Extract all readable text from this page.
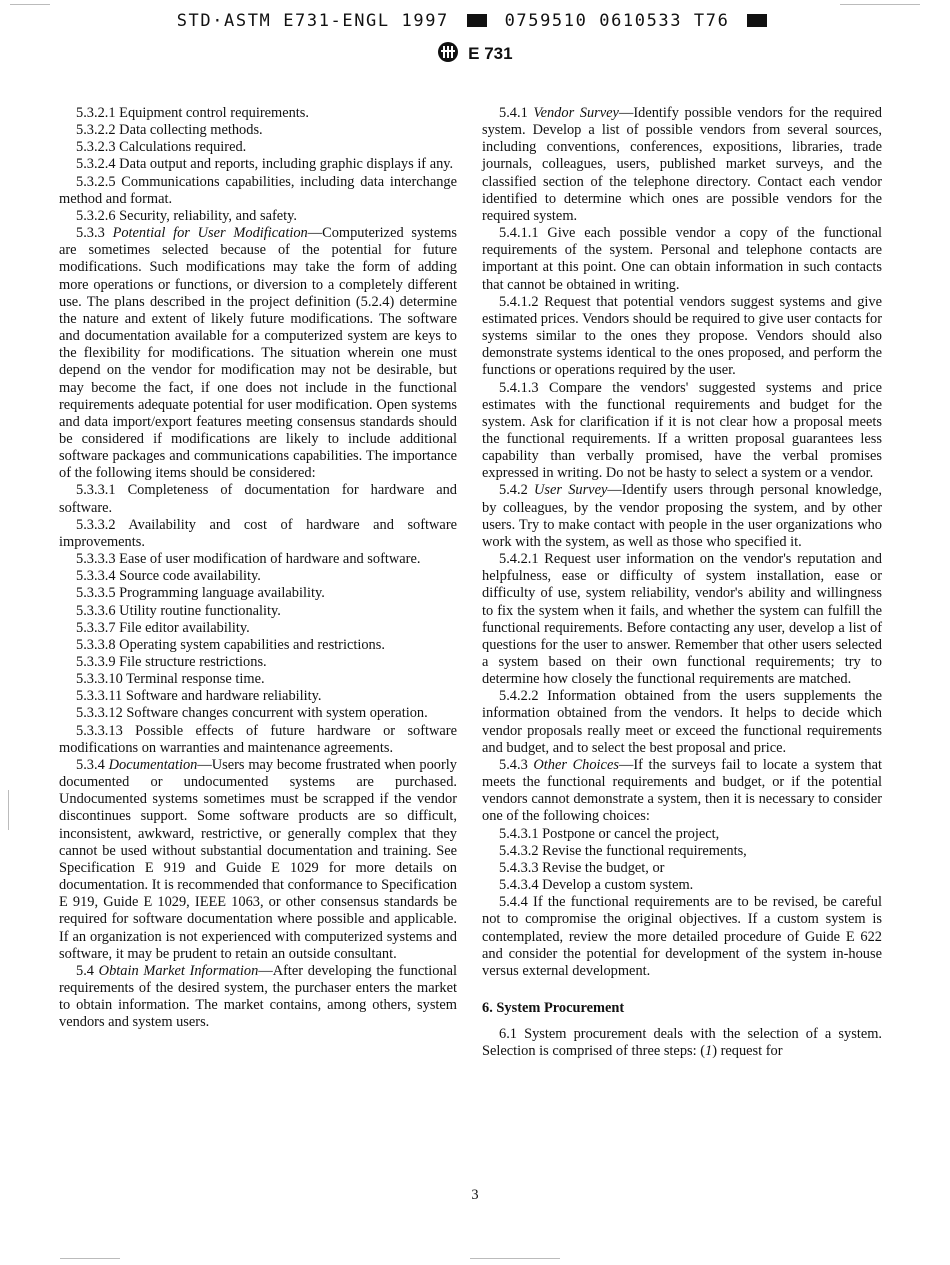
STD·ASTM E731-ENGL 1997	0759510 0610533 T76
E 731

5.3.2.1 Equipment control requirements.

5.3.2.2 Data collecting methods.

5.3.2.3 Calculations required.

5.3.2.4 Data output and reports, including graphic displays if any.

5.3.2.5 Communications capabilities, including data interchange method and format.

5.3.2.6 Security, reliability, and safety.

5.3.3 Potential for User Modification—Computerized systems are sometimes selected because of the potential for future modifications. Such modifications may take the form of adding more operations or functions, or diversion to a completely different use. The plans described in the project definition (5.2.4) determine the nature and extent of likely future modifications. The software and documentation available for a computerized system are keys to the flexibility for modifications. The situation wherein one must depend on the vendor for modification may not be desirable, but may become the fact, if one does not include in the functional requirements adequate potential for user modification. Open systems and data import/export features meeting consensus standards should be considered if modifications are likely to include additional software packages and communications capabilities. The importance of the following items should be considered:

5.3.3.1 Completeness of documentation for hardware and software.

5.3.3.2 Availability and cost of hardware and software improvements.

5.3.3.3 Ease of user modification of hardware and software.

5.3.3.4 Source code availability.

5.3.3.5 Programming language availability.

5.3.3.6 Utility routine functionality.

5.3.3.7 File editor availability.

5.3.3.8 Operating system capabilities and restrictions.

5.3.3.9 File structure restrictions.

5.3.3.10 Terminal response time.

5.3.3.11 Software and hardware reliability.

5.3.3.12 Software changes concurrent with system operation.

5.3.3.13 Possible effects of future hardware or software modifications on warranties and maintenance agreements.

5.3.4 Documentation—Users may become frustrated when poorly documented or undocumented systems are purchased. Undocumented systems sometimes must be scrapped if the vendor discontinues support. Some software products are so difficult, inconsistent, awkward, restrictive, or generally complex that they cannot be used without substantial documentation and training. See Specification E 919 and Guide E 1029 for more details on documentation. It is recommended that conformance to Specification E 919, Guide E 1029, IEEE 1063, or other consensus standards be required for software documentation where possible and applicable. If an organization is not experienced with computerized systems and software, it may be prudent to retain an outside consultant.

5.4 Obtain Market Information—After developing the functional requirements of the desired system, the purchaser enters the market to obtain information. The market contains, among others, system vendors and system users.

5.4.1 Vendor Survey—Identify possible vendors for the required system. Develop a list of possible vendors from several sources, including conventions, conferences, expositions, libraries, trade journals, colleagues, users, published market surveys, and the classified section of the telephone directory. Contact each vendor identified to determine which ones are possible vendors for the required system.

5.4.1.1 Give each possible vendor a copy of the functional requirements of the system. Personal and telephone contacts are important at this point. One can obtain information in such contacts that cannot be obtained in writing.

5.4.1.2 Request that potential vendors suggest systems and give estimated prices. Vendors should be required to give user contacts for systems similar to the ones they propose. Vendors should also demonstrate systems identical to the ones proposed, and perform the functions or operations required by the user.

5.4.1.3 Compare the vendors' suggested systems and price estimates with the functional requirements and budget for the system. Ask for clarification if it is not clear how a proposal meets the functional requirements. If a written proposal guarantees less capability than verbally promised, have the verbal promises expressed in writing. Do not be hasty to select a system or a vendor.

5.4.2 User Survey—Identify users through personal knowledge, by colleagues, by the vendor proposing the system, and by other users. Try to make contact with people in the user organizations who work with the system, as well as those who specified it.

5.4.2.1 Request user information on the vendor's reputation and helpfulness, ease or difficulty of system installation, ease or difficulty of use, system reliability, vendor's ability and willingness to fix the system when it fails, and whether the system can fulfill the functional requirements. Before contacting any user, develop a list of questions for the user to answer. Remember that other users selected a system based on their own functional requirements; try to determine how closely the functional requirements are matched.

5.4.2.2 Information obtained from the users supplements the information obtained from the vendors. It helps to decide which vendor proposals really meet or exceed the functional requirements and budget, and to select the best proposal and price.

5.4.3 Other Choices—If the surveys fail to locate a system that meets the functional requirements and budget, or if the potential vendors cannot demonstrate a system, then it is necessary to consider one of the following choices:

5.4.3.1 Postpone or cancel the project,

5.4.3.2 Revise the functional requirements,

5.4.3.3 Revise the budget, or

5.4.3.4 Develop a custom system.

5.4.4 If the functional requirements are to be revised, be careful not to compromise the original objectives. If a custom system is contemplated, review the more detailed procedure of Guide E 622 and consider the potential for development of the system in-house versus external development.

6. System Procurement

6.1 System procurement deals with the selection of a system. Selection is comprised of three steps: (1) request for

3
